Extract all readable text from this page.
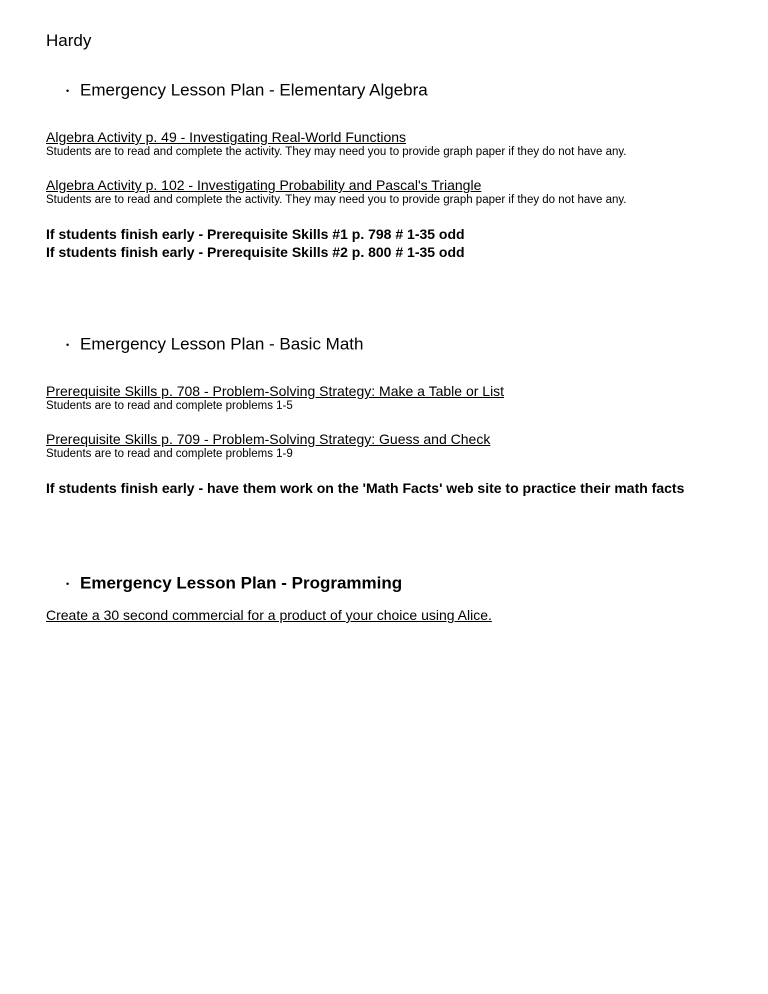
Hardy
• Emergency Lesson Plan - Elementary Algebra
Algebra Activity p. 49 - Investigating Real-World Functions
Students are to read and complete the activity. They may need you to provide graph paper if they do not have any.
Algebra Activity p. 102 - Investigating Probability and Pascal's Triangle
Students are to read and complete the activity. They may need you to provide graph paper if they do not have any.
If students finish early - Prerequisite Skills #1 p. 798 # 1-35 odd
If students finish early - Prerequisite Skills #2 p. 800 # 1-35 odd
• Emergency Lesson Plan - Basic Math
Prerequisite Skills p. 708 - Problem-Solving Strategy: Make a Table or List
Students are to read and complete problems 1-5
Prerequisite Skills p. 709 - Problem-Solving Strategy: Guess and Check
Students are to read and complete problems 1-9
If students finish early - have them work on the 'Math Facts' web site to practice their math facts
• Emergency Lesson Plan - Programming
Create a 30 second commercial for a product of your choice using Alice.
